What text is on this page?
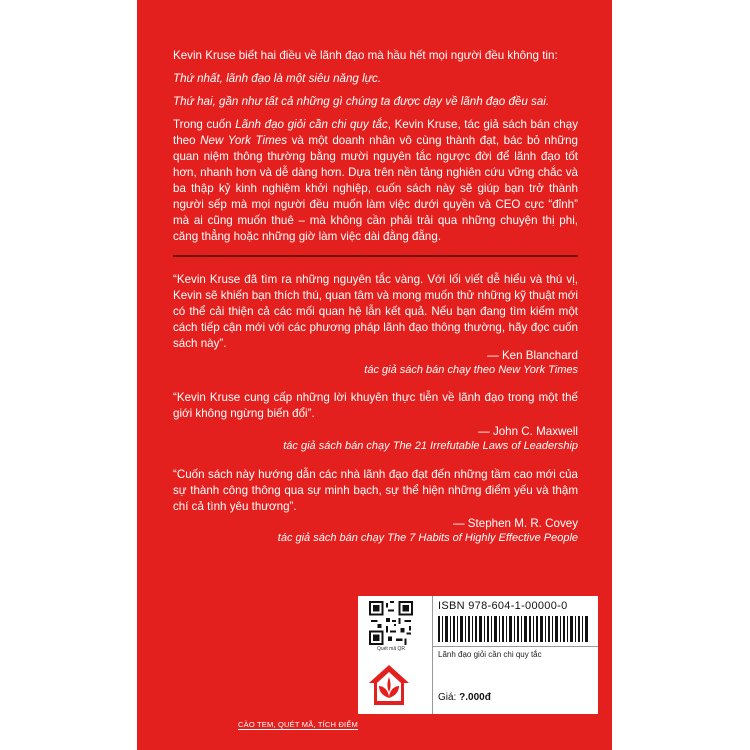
Kevin Kruse biết hai điều về lãnh đạo mà hầu hết mọi người đều không tin:

Thứ nhất, lãnh đạo là một siêu năng lực.

Thứ hai, gần như tất cả những gì chúng ta được dạy về lãnh đạo đều sai.

Trong cuốn Lãnh đạo giỏi cần chi quy tắc, Kevin Kruse, tác giả sách bán chạy theo New York Times và một doanh nhân vô cùng thành đạt, bác bỏ những quan niệm thông thường bằng mười nguyên tắc ngược đời để lãnh đạo tốt hơn, nhanh hơn và dễ dàng hơn. Dựa trên nền tảng nghiên cứu vững chắc và ba thập kỷ kinh nghiệm khởi nghiệp, cuốn sách này sẽ giúp bạn trở thành người sếp mà mọi người đều muốn làm việc dưới quyền và CEO cực “đỉnh” mà ai cũng muốn thuê – mà không cần phải trải qua những chuyện thị phi, căng thẳng hoặc những giờ làm việc dài đằng đẵng.

“Kevin Kruse đã tìm ra những nguyên tắc vàng. Với lối viết dễ hiểu và thú vị, Kevin sẽ khiến bạn thích thú, quan tâm và mong muốn thử những kỹ thuật mới có thể cải thiện cả các mối quan hệ lẫn kết quả. Nếu bạn đang tìm kiếm một cách tiếp cận mới với các phương pháp lãnh đạo thông thường, hãy đọc cuốn sách này”.

— Ken Blanchard

tác giả sách bán chạy theo New York Times

“Kevin Kruse cung cấp những lời khuyên thực tiễn về lãnh đạo trong một thế giới không ngừng biến đổi”.

— John C. Maxwell

tác giả sách bán chạy The 21 Irrefutable Laws of Leadership

“Cuốn sách này hướng dẫn các nhà lãnh đạo đạt đến những tầm cao mới của sự thành công thông qua sự minh bạch, sự thể hiện những điểm yếu và thậm chí cả tình yêu thương”.

— Stephen M. R. Covey

tác giả sách bán chạy The 7 Habits of Highly Effective People

Quét mã QR
ISBN 978-604-1-00000-0
Lãnh đạo giỏi cần chi quy tắc
Giá: ?.000đ
CÀO TEM, QUÉT MÃ, TÍCH ĐIỂM
